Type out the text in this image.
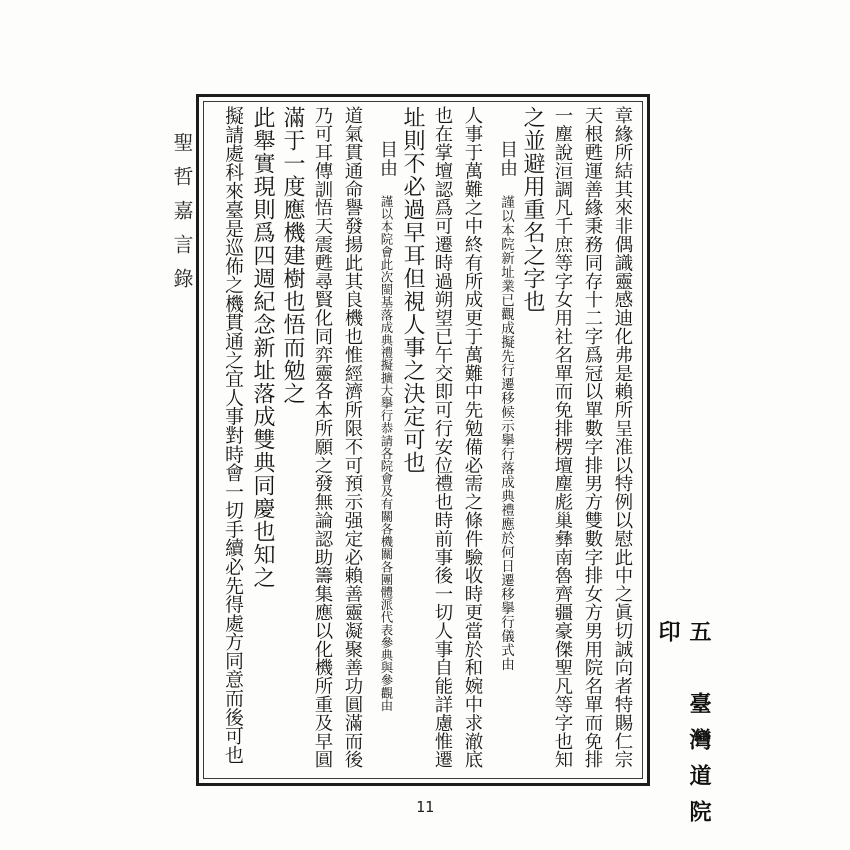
聖哲嘉言錄
五　臺灣道院印
章緣所結其來非偶識靈感迪化弗是賴所呈准以特例以慰此中之眞切誠向者特賜仁宗
天根甦運善緣秉務同存十二字爲冠以單數字排男方雙數字排女方男用院名單而免排
一塵說洹調凡千庶等字女用社名單而免排楞壇塵彪巢彝南魯齊疆豪傑聖凡等字也知
之並避用重名之字也
目由
謹以本院新址業已觀成擬先行遷移候示擧行落成典禮應於何日遷移擧行儀式由
人事于萬難之中終有所成更于萬難中先勉備必需之條件驗收時更當於和婉中求澈底
也在掌壇認爲可遷時過朔望已午交即可行安位禮也時前事後一切人事自能詳慮惟遷
址則不必過早耳但視人事之決定可也
目由
謹以本院會此次閩基落成典禮擬擴大擧行恭請各院會及有關各機關各團體派代表參典與參觀由
道氣貫通命譽發揚此其良機也惟經濟所限不可預示强定必賴善靈凝聚善功圓滿而後
乃可耳傳訓悟天震甦尋賢化同弈靈各本所願之發無論認助籌集應以化機所重及早圓
滿于一度應機建樹也悟而勉之
此舉實現則爲四週紀念新址落成雙典同慶也知之
擬請處科來臺是巡佈之機貫通之宜人事對時會一切手續必先得處方同意而後可也
11
